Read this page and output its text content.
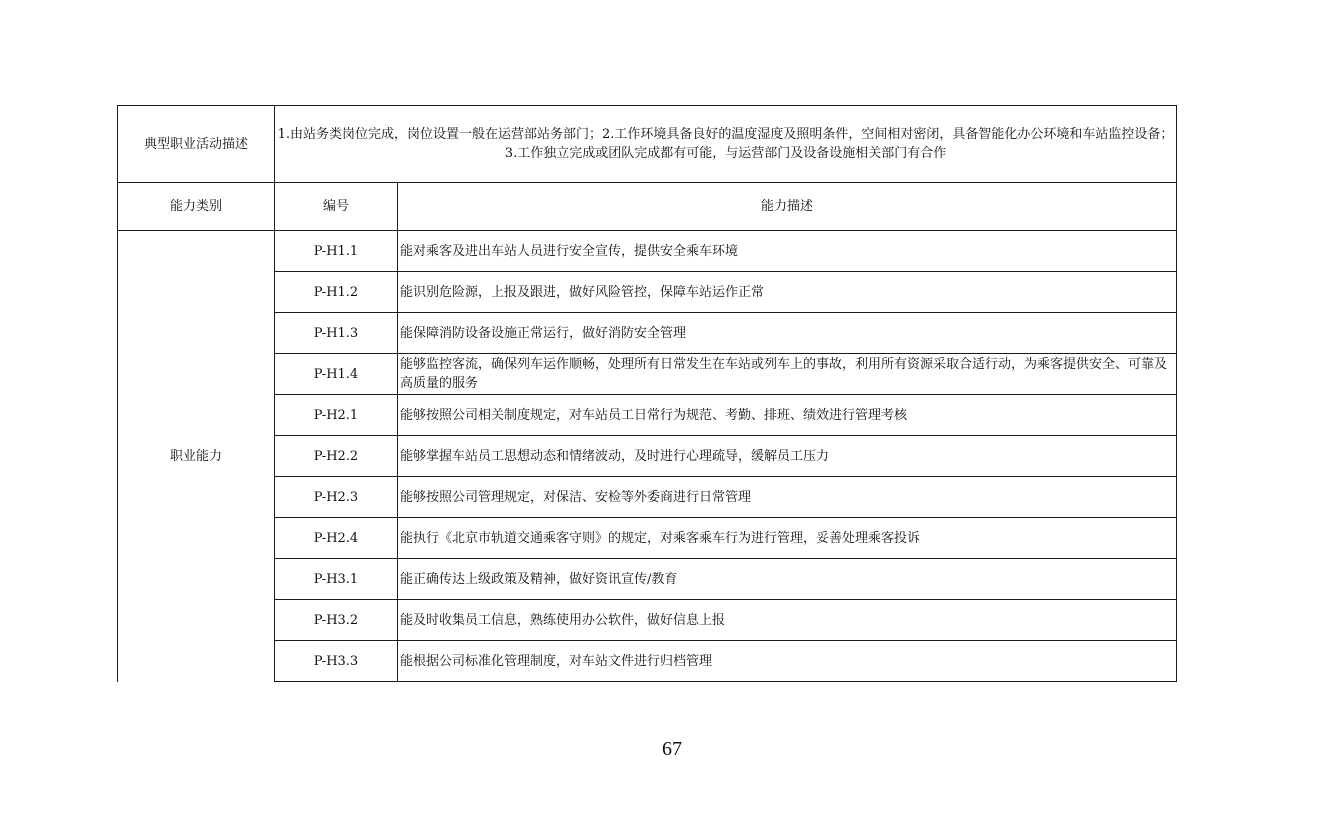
典型职业活动描述	1.由站务类岗位完成，岗位设置一般在运营部站务部门；2.工作环境具备良好的温度湿度及照明条件，空间相对密闭，具备智能化办公环境和车站监控设备；3.工作独立完成或团队完成都有可能，与运营部门及设备设施相关部门有合作	
能力类别	编号	能力描述
职业能力	P-H1.1	能对乘客及进出车站人员进行安全宣传，提供安全乘车环境
	P-H1.2	能识别危险源，上报及跟进，做好风险管控，保障车站运作正常
	P-H1.3	能保障消防设备设施正常运行，做好消防安全管理
	P-H1.4	能够监控客流，确保列车运作顺畅，处理所有日常发生在车站或列车上的事故，利用所有资源采取合适行动，为乘客提供安全、可靠及高质量的服务
	P-H2.1	能够按照公司相关制度规定，对车站员工日常行为规范、考勤、排班、绩效进行管理考核
	P-H2.2	能够掌握车站员工思想动态和情绪波动，及时进行心理疏导，缓解员工压力
	P-H2.3	能够按照公司管理规定，对保洁、安检等外委商进行日常管理
	P-H2.4	能执行《北京市轨道交通乘客守则》的规定，对乘客乘车行为进行管理，妥善处理乘客投诉
	P-H3.1	能正确传达上级政策及精神，做好资讯宣传/教育
	P-H3.2	能及时收集员工信息，熟练使用办公软件，做好信息上报
	P-H3.3	能根据公司标准化管理制度，对车站文件进行归档管理
67
